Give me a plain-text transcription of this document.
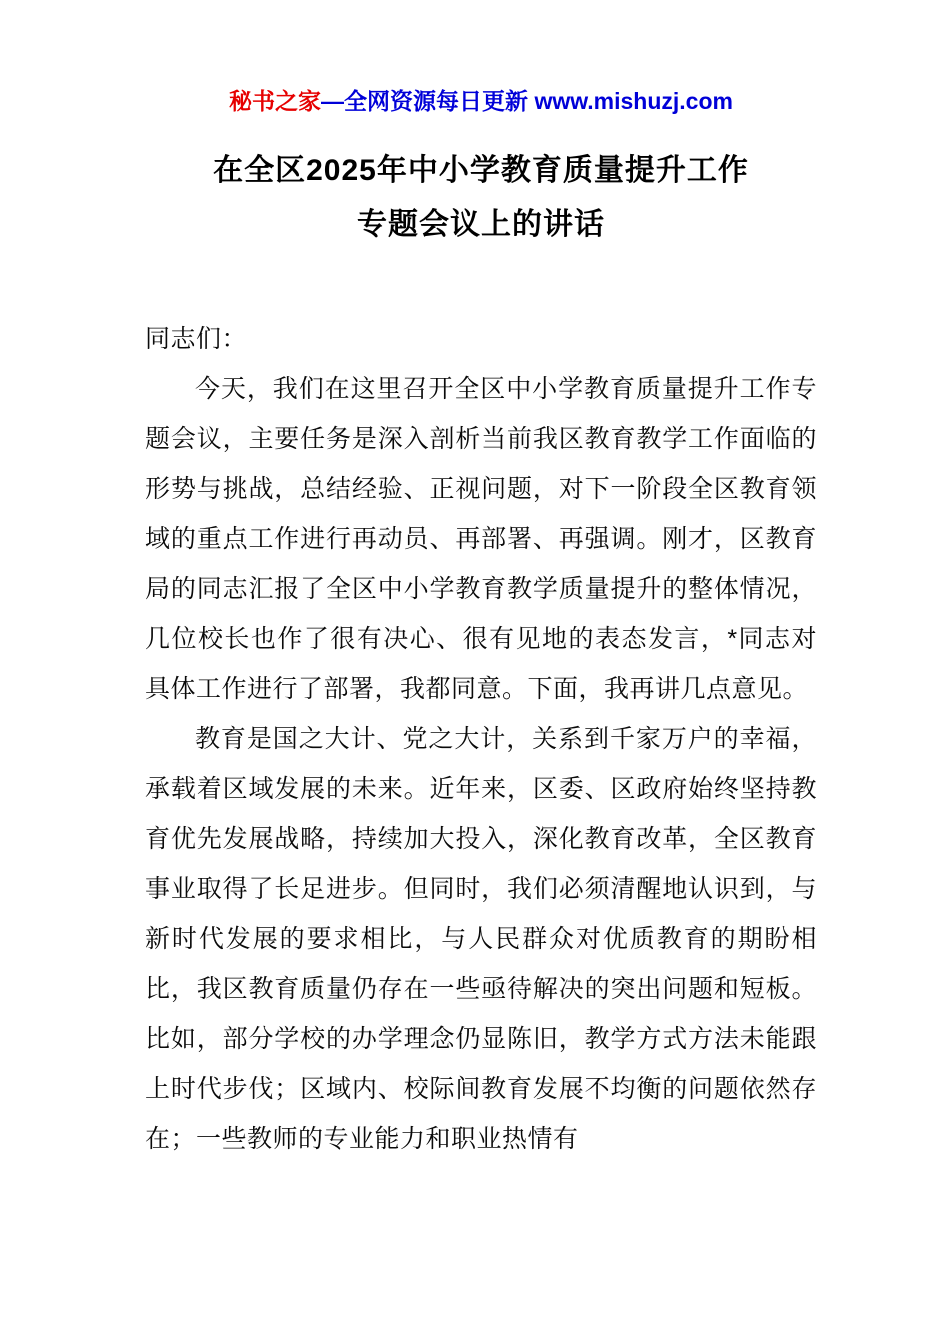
秘书之家—全网资源每日更新 www.mishuzj.com
在全区2025年中小学教育质量提升工作
专题会议上的讲话

同志们：

今天，我们在这里召开全区中小学教育质量提升工作专题会议，主要任务是深入剖析当前我区教育教学工作面临的形势与挑战，总结经验、正视问题，对下一阶段全区教育领域的重点工作进行再动员、再部署、再强调。刚才，区教育局的同志汇报了全区中小学教育教学质量提升的整体情况，几位校长也作了很有决心、很有见地的表态发言，*同志对具体工作进行了部署，我都同意。下面，我再讲几点意见。

教育是国之大计、党之大计，关系到千家万户的幸福，承载着区域发展的未来。近年来，区委、区政府始终坚持教育优先发展战略，持续加大投入，深化教育改革，全区教育事业取得了长足进步。但同时，我们必须清醒地认识到，与新时代发展的要求相比，与人民群众对优质教育的期盼相比，我区教育质量仍存在一些亟待解决的突出问题和短板。比如，部分学校的办学理念仍显陈旧，教学方式方法未能跟上时代步伐；区域内、校际间教育发展不均衡的问题依然存在；一些教师的专业能力和职业热情有
